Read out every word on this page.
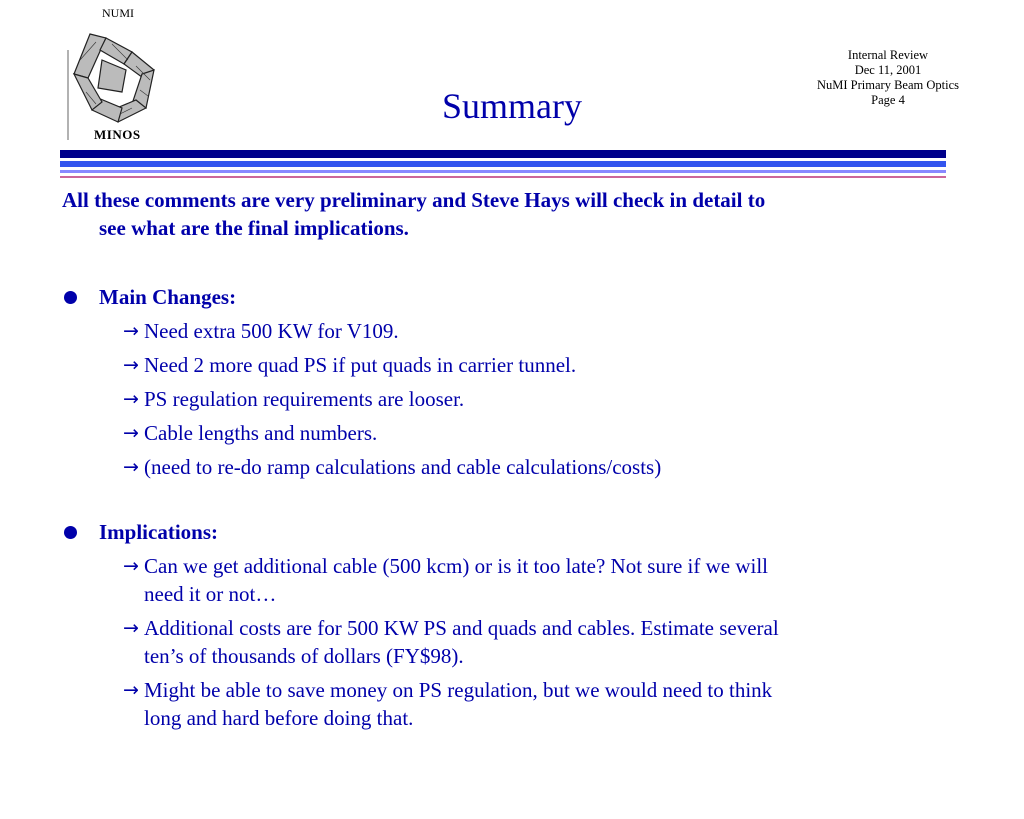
NUMI
MINOS
Summary
Internal Review
Dec 11, 2001
NuMI Primary Beam Optics
Page 4
All these comments are very preliminary and Steve Hays will check in detail to
see what are the final implications.
Main Changes:
→ Need extra 500 KW for V109.
→ Need 2 more quad PS if put quads in carrier tunnel.
→ PS regulation requirements are looser.
→ Cable lengths and numbers.
→ (need to re-do ramp calculations and cable calculations/costs)
Implications:
→ Can we get additional cable (500 kcm) or is it too late? Not sure if we will
need it or not…
→ Additional costs are for 500 KW PS and quads and cables. Estimate several
ten’s of thousands of dollars (FY$98).
→ Might be able to save money on PS regulation, but we would need to think
long and hard before doing that.
